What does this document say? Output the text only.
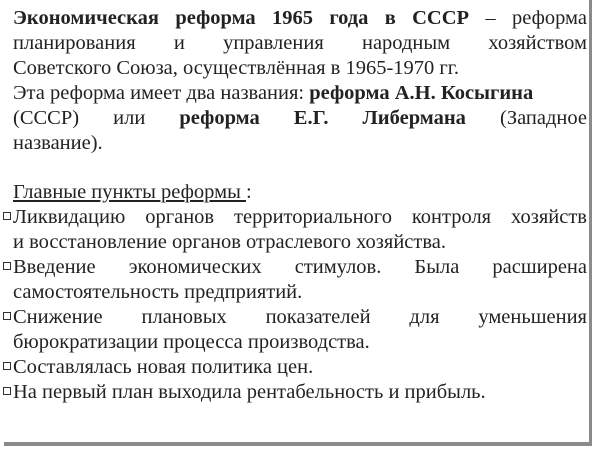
Экономическая реформа 1965 года в СССР – реформа

планирования и управления народным хозяйством

Советского Союза, осуществлённая в 1965-1970 гг.

Эта реформа имеет два названия: реформа А.Н. Косыгина

(СССР) или реформа Е.Г. Либермана (Западное

название).

Главные пункты реформы :

Ликвидацию органов территориального контроля хозяйств

и восстановление органов отраслевого хозяйства.

Введение экономических стимулов. Была расширена

самостоятельность предприятий.

Снижение плановых показателей для уменьшения

бюрократизации процесса производства.

Составлялась новая политика цен.

На первый план выходила рентабельность и прибыль.
